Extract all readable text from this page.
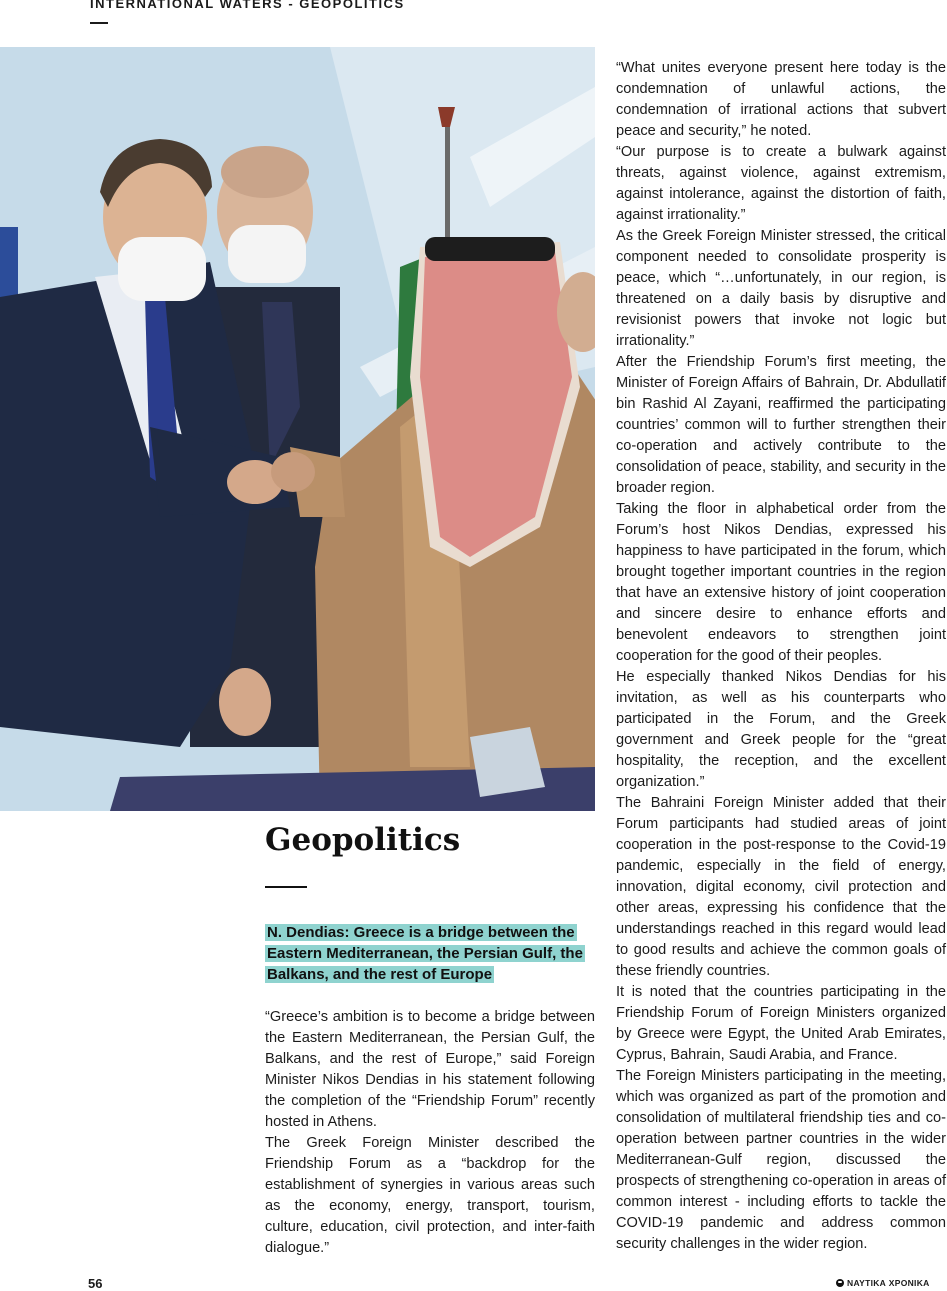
INTERNATIONAL WATERS - GEOPOLITICS
Geopolitics
N. Dendias: Greece is a bridge between the Eastern Mediterranean, the Persian Gulf, the Balkans, and the rest of Europe

“Greece’s ambition is to become a bridge between the Eastern Mediterranean, the Persian Gulf, the Balkans, and the rest of Europe,” said Foreign Minister Nikos Dendias in his statement following the completion of the “Friendship Forum” recently hosted in Athens.

The Greek Foreign Minister described the Friendship Forum as a “backdrop for the establishment of synergies in various areas such as the economy, energy, transport, tourism, culture, education, civil protection, and inter-faith dialogue.”

“What unites everyone present here today is the condemnation of unlawful actions, the condemnation of irrational actions that subvert peace and security,” he noted.

“Our purpose is to create a bulwark against threats, against violence, against extremism, against intolerance, against the distortion of faith, against irrationality.”

As the Greek Foreign Minister stressed, the critical component needed to consolidate prosperity is peace, which “…unfortunately, in our region, is threatened on a daily basis by disruptive and revisionist powers that invoke not logic but irrationality.”

After the Friendship Forum’s first meeting, the Minister of Foreign Affairs of Bahrain, Dr. Abdullatif bin Rashid Al Zayani, reaffirmed the participating countries’ common will to further strengthen their co-operation and actively contribute to the consolidation of peace, stability, and security in the broader region.

Taking the floor in alphabetical order from the Forum’s host Nikos Dendias, expressed his happiness to have participated in the forum, which brought together important countries in the region that have an extensive history of joint cooperation and sincere desire to enhance efforts and benevolent endeavors to strengthen joint cooperation for the good of their peoples.

He especially thanked Nikos Dendias for his invitation, as well as his counterparts who participated in the Forum, and the Greek government and Greek people for the “great hospitality, the reception, and the excellent organization.”

The Bahraini Foreign Minister added that their Forum participants had studied areas of joint cooperation in the post-response to the Covid-19 pandemic, especially in the field of energy, innovation, digital economy, civil protection and other areas, expressing his confidence that the understandings reached in this regard would lead to good results and achieve the common goals of these friendly countries.

It is noted that the countries participating in the Friendship Forum of Foreign Ministers organized by Greece were Egypt, the United Arab Emirates, Cyprus, Bahrain, Saudi Arabia, and France.

The Foreign Ministers participating in the meeting, which was organized as part of the promotion and consolidation of multilateral friendship ties and co-operation between partner countries in the wider Mediterranean-Gulf region, discussed the prospects of strengthening co-operation in areas of common interest - including efforts to tackle the COVID-19 pandemic and address common security challenges in the wider region.

56	ΝΑΥΤΙΚΑ ΧΡΟΝΙΚΑ
